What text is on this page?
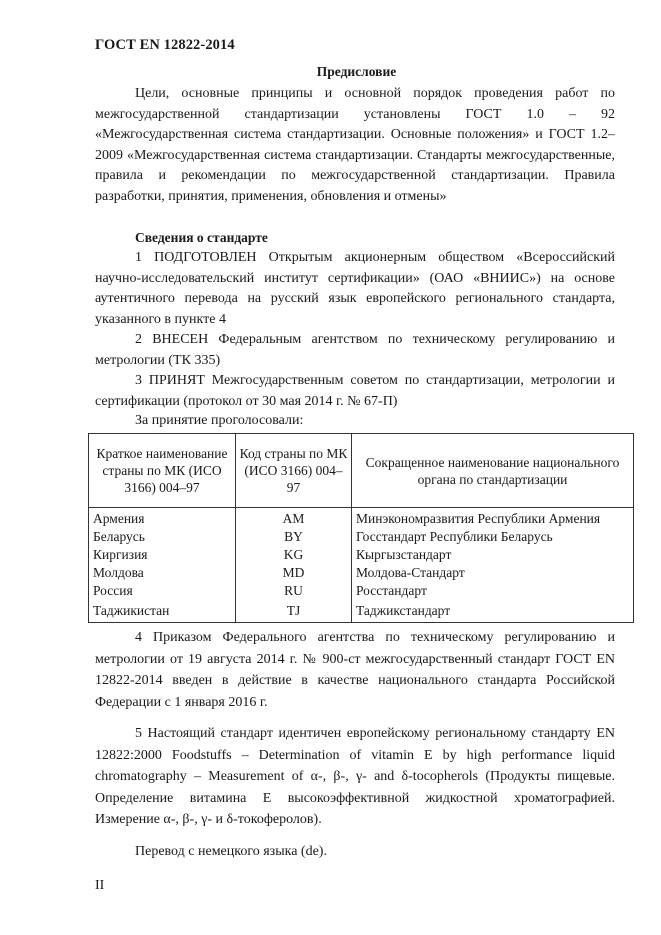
ГОСТ EN 12822-2014
Предисловие

Цели, основные принципы и основной порядок проведения работ по межгосударственной стандартизации установлены ГОСТ 1.0 – 92 «Межгосударственная система стандартизации. Основные положения» и ГОСТ 1.2–2009 «Межгосударственная система стандартизации. Стандарты межгосударственные, правила и рекомендации по межгосударственной стандартизации. Правила разработки, принятия, применения, обновления и отмены»

Сведения о стандарте

1 ПОДГОТОВЛЕН Открытым акционерным обществом «Всероссийский научно-исследовательский институт сертификации» (ОАО «ВНИИС») на основе аутентичного перевода на русский язык европейского регионального стандарта, указанного в пункте 4

2 ВНЕСЕН Федеральным агентством по техническому регулированию и метрологии (ТК 335)

3 ПРИНЯТ Межгосударственным советом по стандартизации, метрологии и сертификации (протокол от 30 мая 2014 г. № 67-П)

За принятие проголосовали:
Краткое наименование страны по МК (ИСО 3166) 004–97	Код страны по МК (ИСО 3166) 004–97	Сокращенное наименование национального органа по стандартизации
Армения	AM	Минэкономразвития Республики Армения
Беларусь	BY	Госстандарт Республики Беларусь
Киргизия	KG	Кыргызстандарт
Молдова	MD	Молдова-Стандарт
Россия	RU	Росстандарт
Таджикистан	TJ	Таджикстандарт

4 Приказом Федерального агентства по техническому регулированию и метрологии от 19 августа 2014 г. № 900-ст межгосударственный стандарт ГОСТ EN 12822-2014 введен в действие в качестве национального стандарта Российской Федерации с 1 января 2016 г.

5 Настоящий стандарт идентичен европейскому региональному стандарту EN 12822:2000 Foodstuffs – Determination of vitamin E by high performance liquid chromatography – Measurement of α-, β-, γ- and δ-tocopherols (Продукты пищевые. Определение витамина E высокоэффективной жидкостной хроматографией. Измерение α-, β-, γ- и δ-токоферолов).

Перевод с немецкого языка (de).

II
